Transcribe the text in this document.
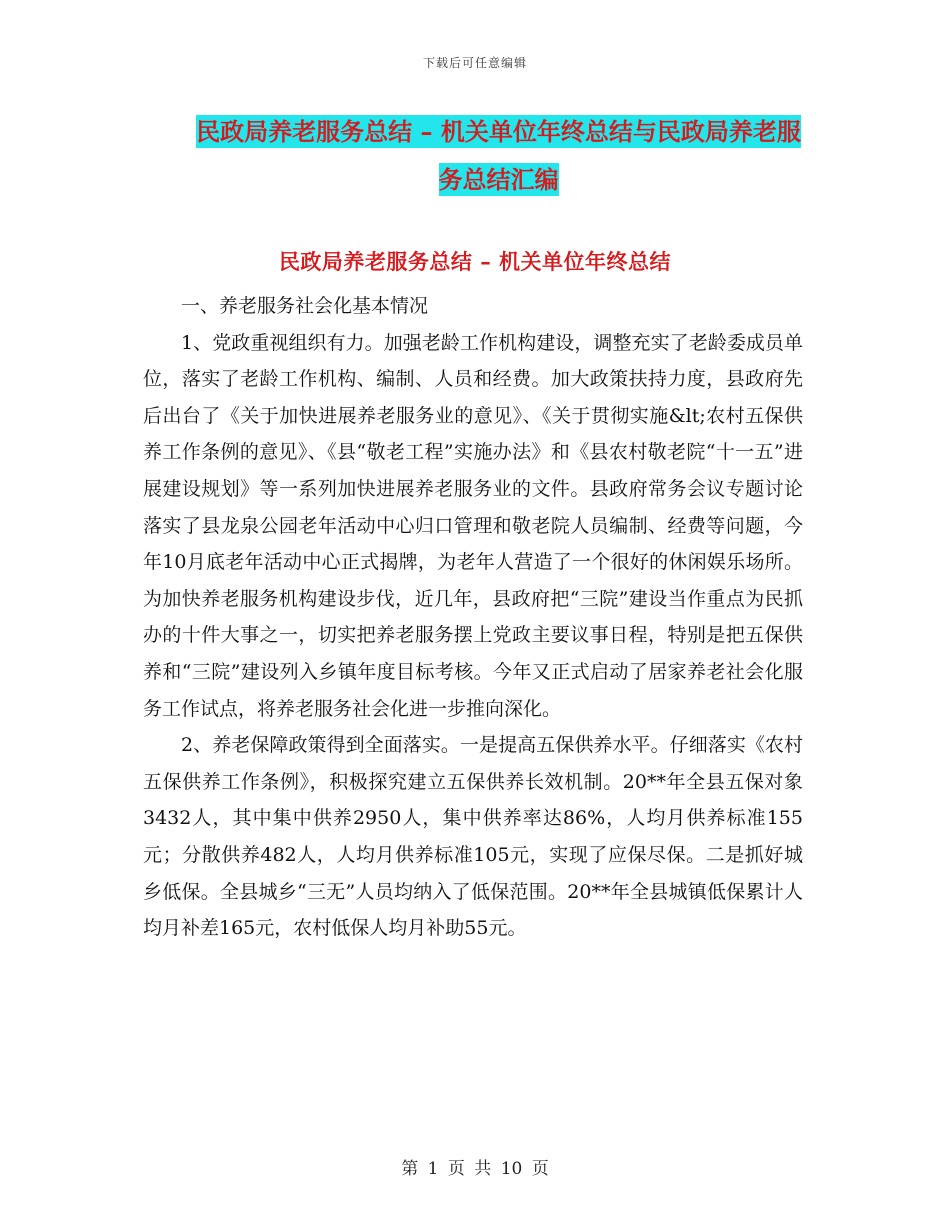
下载后可任意编辑
民政局养老服务总结 – 机关单位年终总结与民政局养老服务总结汇编
民政局养老服务总结 – 机关单位年终总结

一、养老服务社会化基本情况

1、党政重视组织有力。加强老龄工作机构建设，调整充实了老龄委成员单位，落实了老龄工作机构、编制、人员和经费。加大政策扶持力度，县政府先后出台了《关于加快进展养老服务业的意见》、《关于贯彻实施&lt;农村五保供养工作条例的意见》、《县“敬老工程”实施办法》和《县农村敬老院“十一五”进展建设规划》等一系列加快进展养老服务业的文件。县政府常务会议专题讨论落实了县龙泉公园老年活动中心归口管理和敬老院人员编制、经费等问题，今年10月底老年活动中心正式揭牌，为老年人营造了一个很好的休闲娱乐场所。为加快养老服务机构建设步伐，近几年，县政府把“三院”建设当作重点为民抓办的十件大事之一，切实把养老服务摆上党政主要议事日程，特别是把五保供养和“三院”建设列入乡镇年度目标考核。今年又正式启动了居家养老社会化服务工作试点，将养老服务社会化进一步推向深化。

2、养老保障政策得到全面落实。一是提高五保供养水平。仔细落实《农村五保供养工作条例》，积极探究建立五保供养长效机制。20**年全县五保对象3432人，其中集中供养2950人，集中供养率达86%，人均月供养标准155元；分散供养482人，人均月供养标准105元，实现了应保尽保。二是抓好城乡低保。全县城乡“三无”人员均纳入了低保范围。20**年全县城镇低保累计人均月补差165元，农村低保人均月补助55元。

第 1 页 共 10 页
